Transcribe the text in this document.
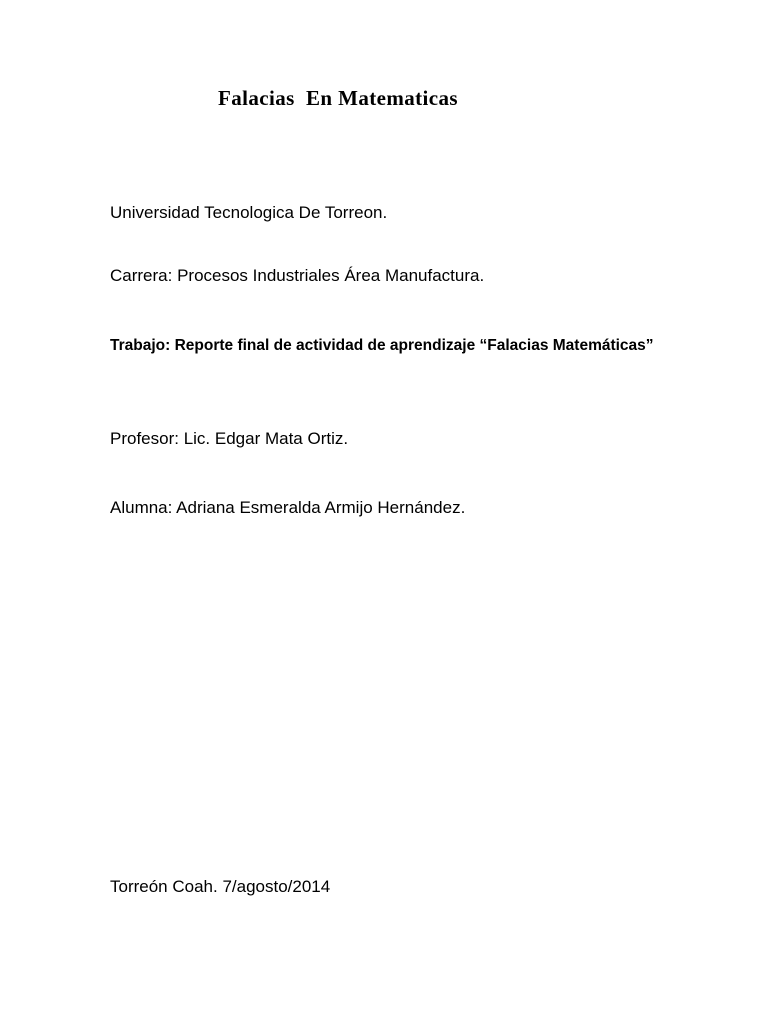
Falacias  En Matematicas

Universidad Tecnologica De Torreon.

Carrera: Procesos Industriales Área Manufactura.

Trabajo: Reporte final de actividad de aprendizaje “Falacias Matemáticas”

Profesor: Lic. Edgar Mata Ortiz.

Alumna: Adriana Esmeralda Armijo Hernández.

Torreón Coah. 7/agosto/2014
